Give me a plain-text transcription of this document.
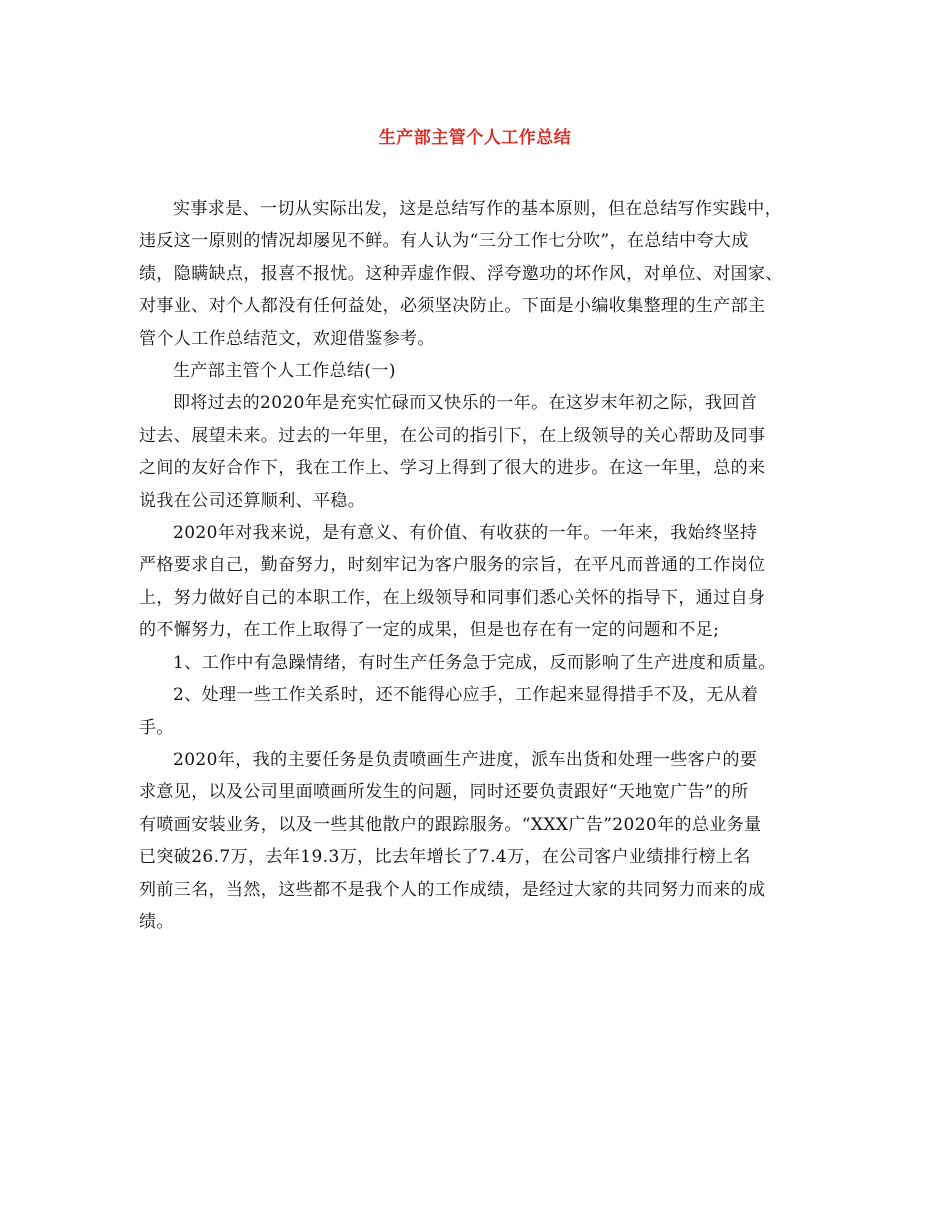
生产部主管个人工作总结

实事求是、一切从实际出发，这是总结写作的基本原则，但在总结写作实践中，
违反这一原则的情况却屡见不鲜。有人认为“三分工作七分吹”，在总结中夸大成
绩，隐瞒缺点，报喜不报忧。这种弄虚作假、浮夸邀功的坏作风，对单位、对国家、
对事业、对个人都没有任何益处，必须坚决防止。下面是小编收集整理的生产部主
管个人工作总结范文，欢迎借鉴参考。

生产部主管个人工作总结(一)

即将过去的2020年是充实忙碌而又快乐的一年。在这岁末年初之际，我回首
过去、展望未来。过去的一年里，在公司的指引下，在上级领导的关心帮助及同事
之间的友好合作下，我在工作上、学习上得到了很大的进步。在这一年里，总的来
说我在公司还算顺利、平稳。

2020年对我来说，是有意义、有价值、有收获的一年。一年来，我始终坚持
严格要求自己，勤奋努力，时刻牢记为客户服务的宗旨，在平凡而普通的工作岗位
上，努力做好自己的本职工作，在上级领导和同事们悉心关怀的指导下，通过自身
的不懈努力，在工作上取得了一定的成果，但是也存在有一定的问题和不足;

1、工作中有急躁情绪，有时生产任务急于完成，反而影响了生产进度和质量。

2、处理一些工作关系时，还不能得心应手，工作起来显得措手不及，无从着
手。

2020年，我的主要任务是负责喷画生产进度，派车出货和处理一些客户的要
求意见，以及公司里面喷画所发生的问题，同时还要负责跟好“天地宽广告”的所
有喷画安装业务，以及一些其他散户的跟踪服务。“XXX广告”2020年的总业务量
已突破26.7万，去年19.3万，比去年增长了7.4万，在公司客户业绩排行榜上名
列前三名，当然，这些都不是我个人的工作成绩，是经过大家的共同努力而来的成
绩。
